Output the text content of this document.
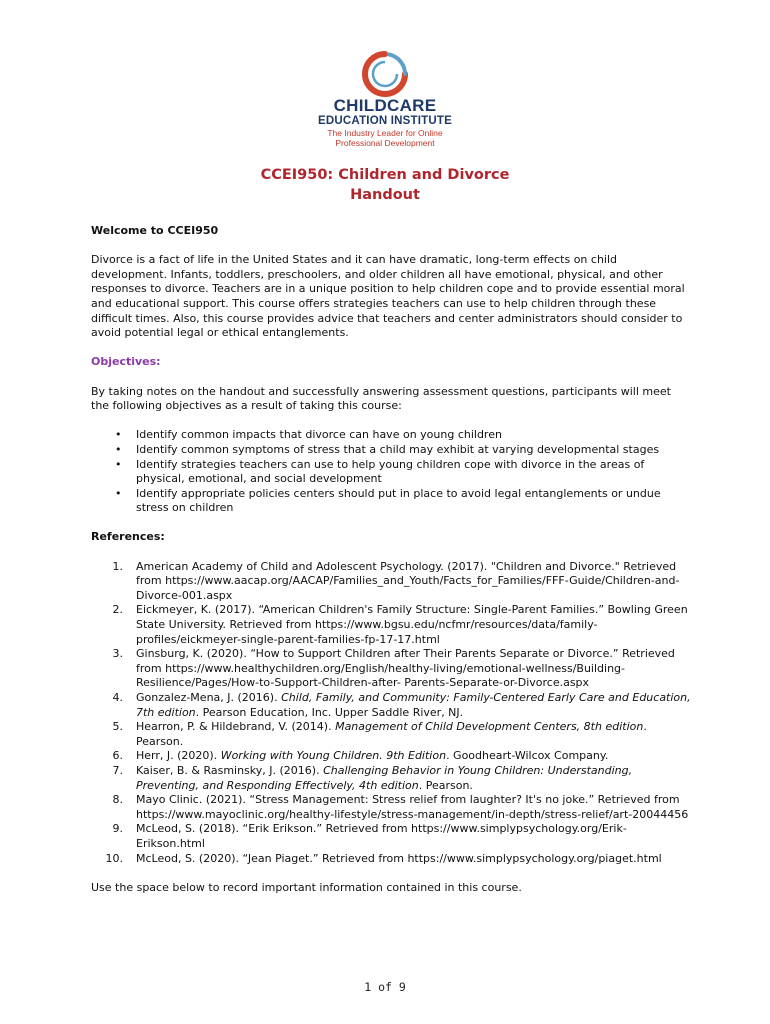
CHILDCARE
EDUCATION INSTITUTE
The Industry Leader for Online
Professional Development
CCEI950: Children and Divorce
Handout

Welcome to CCEI950

Divorce is a fact of life in the United States and it can have dramatic, long-term effects on child development. Infants, toddlers, preschoolers, and older children all have emotional, physical, and other responses to divorce. Teachers are in a unique position to help children cope and to provide essential moral and educational support. This course offers strategies teachers can use to help children through these difficult times. Also, this course provides advice that teachers and center administrators should consider to avoid potential legal or ethical entanglements.

Objectives:

By taking notes on the handout and successfully answering assessment questions, participants will meet the following objectives as a result of taking this course:

• Identify common impacts that divorce can have on young children
• Identify common symptoms of stress that a child may exhibit at varying developmental stages
• Identify strategies teachers can use to help young children cope with divorce in the areas of physical, emotional, and social development
• Identify appropriate policies centers should put in place to avoid legal entanglements or undue stress on children

References:

1. American Academy of Child and Adolescent Psychology. (2017). "Children and Divorce." Retrieved from https://www.aacap.org/AACAP/Families_and_Youth/Facts_for_Families/FFF-Guide/Children-and-Divorce-001.aspx
2. Eickmeyer, K. (2017). “American Children's Family Structure: Single-Parent Families.” Bowling Green State University. Retrieved from https://www.bgsu.edu/ncfmr/resources/data/family-profiles/eickmeyer-single-parent-families-fp-17-17.html
3. Ginsburg, K. (2020). “How to Support Children after Their Parents Separate or Divorce.” Retrieved from https://www.healthychildren.org/English/healthy-living/emotional-wellness/Building-Resilience/Pages/How-to-Support-Children-after- Parents-Separate-or-Divorce.aspx
4. Gonzalez-Mena, J. (2016). Child, Family, and Community: Family-Centered Early Care and Education, 7th edition. Pearson Education, Inc. Upper Saddle River, NJ.
5. Hearron, P. & Hildebrand, V. (2014). Management of Child Development Centers, 8th edition. Pearson.
6. Herr, J. (2020). Working with Young Children. 9th Edition. Goodheart-Wilcox Company.
7. Kaiser, B. & Rasminsky, J. (2016). Challenging Behavior in Young Children: Understanding, Preventing, and Responding Effectively, 4th edition. Pearson.
8. Mayo Clinic. (2021). “Stress Management: Stress relief from laughter? It's no joke.” Retrieved from https://www.mayoclinic.org/healthy-lifestyle/stress-management/in-depth/stress-relief/art-20044456
9. McLeod, S. (2018). “Erik Erikson.” Retrieved from https://www.simplypsychology.org/Erik-Erikson.html
10. McLeod, S. (2020). “Jean Piaget.” Retrieved from https://www.simplypsychology.org/piaget.html

Use the space below to record important information contained in this course.

1 of 9
